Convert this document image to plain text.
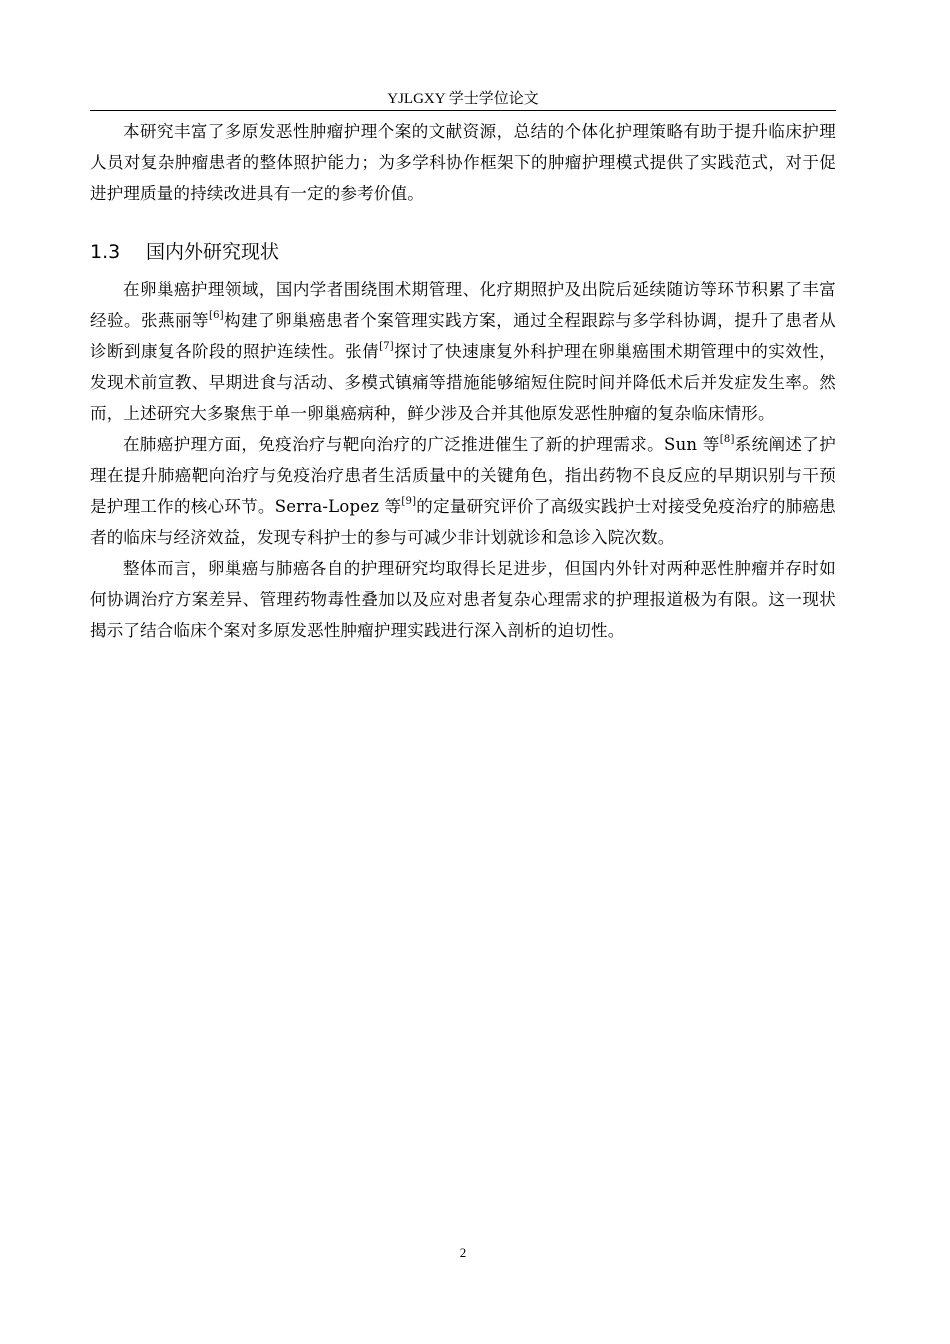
YJLGXY 学士学位论文

本研究丰富了多原发恶性肿瘤护理个案的文献资源，总结的个体化护理策略有助于提升临床护理人员对复杂肿瘤患者的整体照护能力；为多学科协作框架下的肿瘤护理模式提供了实践范式，对于促进护理质量的持续改进具有一定的参考价值。

1.3 国内外研究现状

在卵巢癌护理领域，国内学者围绕围术期管理、化疗期照护及出院后延续随访等环节积累了丰富经验。张燕丽等[6]构建了卵巢癌患者个案管理实践方案，通过全程跟踪与多学科协调，提升了患者从诊断到康复各阶段的照护连续性。张倩[7]探讨了快速康复外科护理在卵巢癌围术期管理中的实效性，发现术前宣教、早期进食与活动、多模式镇痛等措施能够缩短住院时间并降低术后并发症发生率。然而，上述研究大多聚焦于单一卵巢癌病种，鲜少涉及合并其他原发恶性肿瘤的复杂临床情形。

在肺癌护理方面，免疫治疗与靶向治疗的广泛推进催生了新的护理需求。Sun 等[8]系统阐述了护理在提升肺癌靶向治疗与免疫治疗患者生活质量中的关键角色，指出药物不良反应的早期识别与干预是护理工作的核心环节。Serra-Lopez 等[9]的定量研究评价了高级实践护士对接受免疫治疗的肺癌患者的临床与经济效益，发现专科护士的参与可减少非计划就诊和急诊入院次数。

整体而言，卵巢癌与肺癌各自的护理研究均取得长足进步，但国内外针对两种恶性肿瘤并存时如何协调治疗方案差异、管理药物毒性叠加以及应对患者复杂心理需求的护理报道极为有限。这一现状揭示了结合临床个案对多原发恶性肿瘤护理实践进行深入剖析的迫切性。

2
